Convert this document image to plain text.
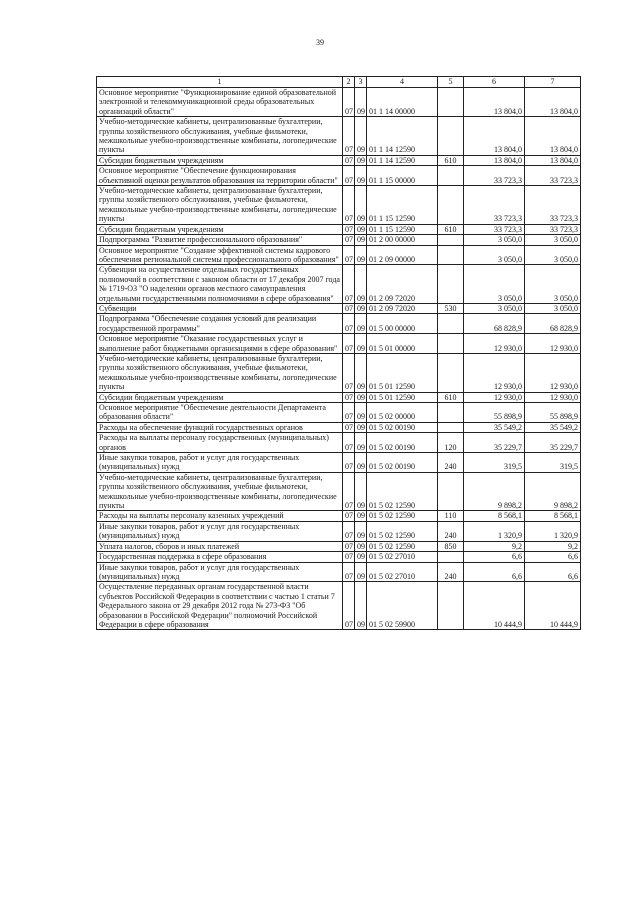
39
1	2	3	4	5	6	7
Основное мероприятие "Функционирование единой образовательной электронной и телекоммуникационной среды образовательных организаций области"	07	09	01 1 14 00000		13 804,0	13 804,0
Учебно-методические кабинеты, централизованные бухгалтерии, группы хозяйственного обслуживания, учебные фильмотеки, межшкольные учебно-производственные комбинаты, логопедические пункты	07	09	01 1 14 12590		13 804,0	13 804,0
Субсидии бюджетным учреждениям	07	09	01 1 14 12590	610	13 804,0	13 804,0
Основное мероприятие "Обеспечение функционирования объективной оценки результатов образования на территории области"	07	09	01 1 15 00000		33 723,3	33 723,3
Учебно-методические кабинеты, централизованные бухгалтерии, группы хозяйственного обслуживания, учебные фильмотеки, межшкольные учебно-производственные комбинаты, логопедические пункты	07	09	01 1 15 12590		33 723,3	33 723,3
Субсидии бюджетным учреждениям	07	09	01 1 15 12590	610	33 723,3	33 723,3
Подпрограмма "Развитие профессионального образования"	07	09	01 2 00 00000		3 050,0	3 050,0
Основное мероприятие "Создание эффективной системы кадрового обеспечения региональной системы профессионального образования"	07	09	01 2 09 00000		3 050,0	3 050,0
Субвенции на осуществление отдельных государственных полномочий в соответствии с законом области от 17 декабря 2007 года № 1719-ОЗ "О наделении органов местного самоуправления отдельными государственными полномочиями в сфере образования"	07	09	01 2 09 72020		3 050,0	3 050,0
Субвенции	07	09	01 2 09 72020	530	3 050,0	3 050,0
Подпрограмма "Обеспечение создания условий для реализации государственной программы"	07	09	01 5 00 00000		68 828,9	68 828,9
Основное мероприятие "Оказание государственных услуг и выполнение работ бюджетными организациями в сфере образования"	07	09	01 5 01 00000		12 930,0	12 930,0
Учебно-методические кабинеты, централизованные бухгалтерии, группы хозяйственного обслуживания, учебные фильмотеки, межшкольные учебно-производственные комбинаты, логопедические пункты	07	09	01 5 01 12590		12 930,0	12 930,0
Субсидии бюджетным учреждениям	07	09	01 5 01 12590	610	12 930,0	12 930,0
Основное мероприятие "Обеспечение деятельности Департамента образования области"	07	09	01 5 02 00000		55 898,9	55 898,9
Расходы на обеспечение функций государственных органов	07	09	01 5 02 00190		35 549,2	35 549,2
Расходы на выплаты персоналу государственных (муниципальных) органов	07	09	01 5 02 00190	120	35 229,7	35 229,7
Иные закупки товаров, работ и услуг для государственных (муниципальных) нужд	07	09	01 5 02 00190	240	319,5	319,5
Учебно-методические кабинеты, централизованные бухгалтерии, группы хозяйственного обслуживания, учебные фильмотеки, межшкольные учебно-производственные комбинаты, логопедические пункты	07	09	01 5 02 12590		9 898,2	9 898,2
Расходы на выплаты персоналу казенных учреждений	07	09	01 5 02 12590	110	8 568,1	8 568,1
Иные закупки товаров, работ и услуг для государственных (муниципальных) нужд	07	09	01 5 02 12590	240	1 320,9	1 320,9
Уплата налогов, сборов и иных платежей	07	09	01 5 02 12590	850	9,2	9,2
Государственная поддержка в сфере образования	07	09	01 5 02 27010		6,6	6,6
Иные закупки товаров, работ и услуг для государственных (муниципальных) нужд	07	09	01 5 02 27010	240	6,6	6,6
Осуществление переданных органам государственной власти субъектов Российской Федерации в соответствии с частью 1 статьи 7 Федерального закона от 29 декабря 2012 года № 273-ФЗ "Об образовании в Российской Федерации" полномочий Российской Федерации в сфере образования	07	09	01 5 02 59900		10 444,9	10 444,9
